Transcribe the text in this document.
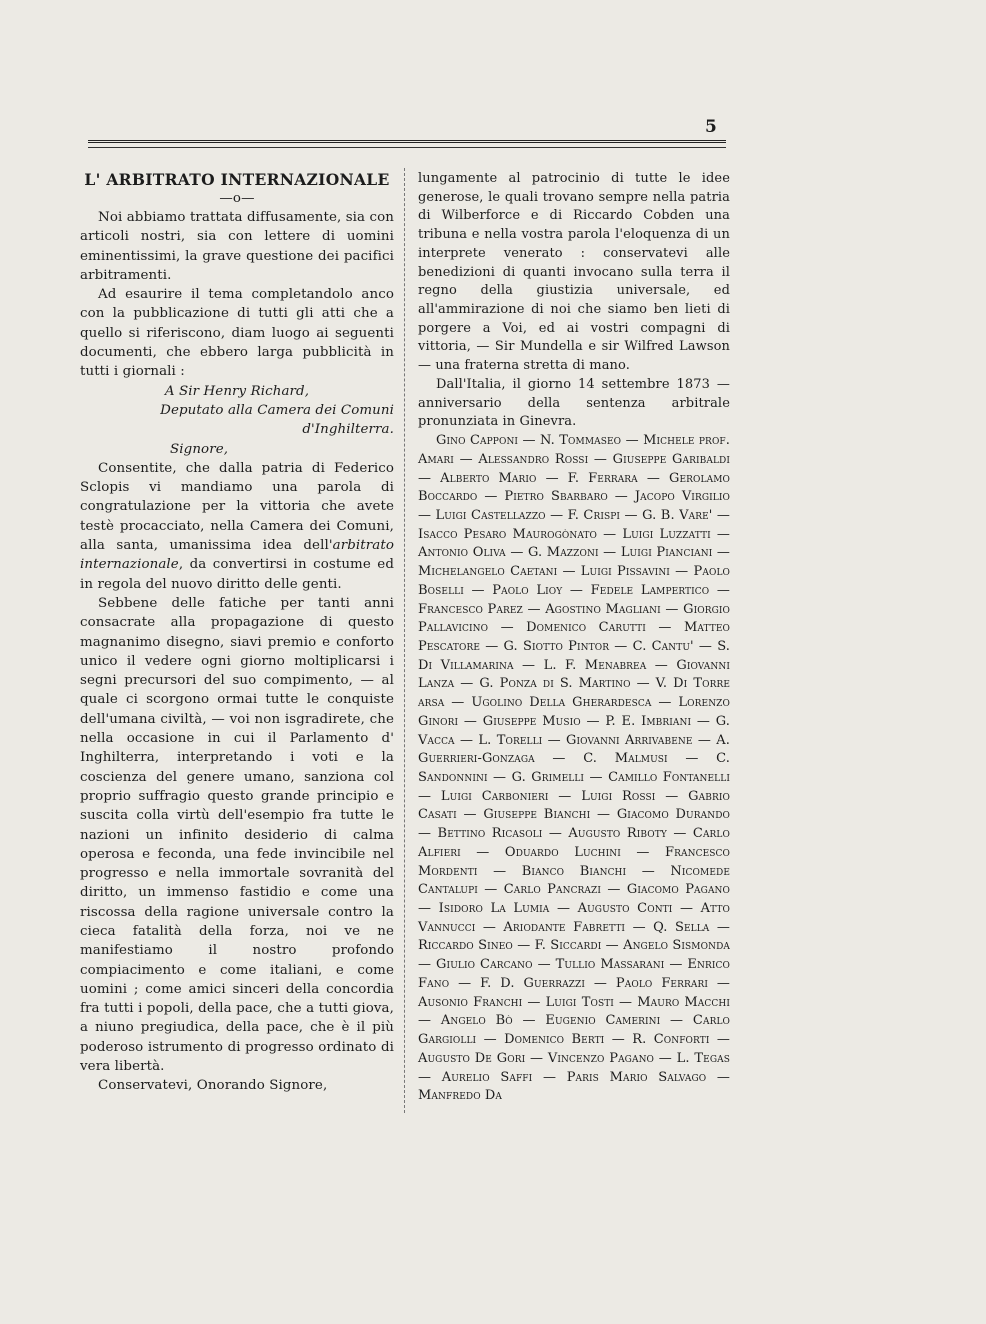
5
L' ARBITRATO INTERNAZIONALE
—o—

Noi abbiamo trattata diffusamente, sia con articoli nostri, sia con lettere di uomini eminentissimi, la grave questione dei pacifici arbitramenti.

Ad esaurire il tema completandolo anco con la pubblicazione di tutti gli atti che a quello si riferiscono, diam luogo ai seguenti documenti, che ebbero larga pubblicità in tutti i giornali :

A Sir Henry Richard,

Deputato alla Camera dei Comuni d'Inghilterra.

Signore,

Consentite, che dalla patria di Federico Sclopis vi mandiamo una parola di congratulazione per la vittoria che avete testè procacciato, nella Camera dei Comuni, alla santa, umanissima idea dell'arbitrato internazionale, da convertirsi in costume ed in regola del nuovo diritto delle genti.

Sebbene delle fatiche per tanti anni consacrate alla propagazione di questo magnanimo disegno, siavi premio e conforto unico il vedere ogni giorno moltiplicarsi i segni precursori del suo compimento, — al quale ci scorgono ormai tutte le conquiste dell'umana civiltà, — voi non isgradirete, che nella occasione in cui il Parlamento d' Inghilterra, interpretando i voti e la coscienza del genere umano, sanziona col proprio suffragio questo grande principio e suscita colla virtù dell'esempio fra tutte le nazioni un infinito desiderio di calma operosa e feconda, una fede invincibile nel progresso e nella immortale sovranità del diritto, un immenso fastidio e come una riscossa della ragione universale contro la cieca fatalità della forza, noi ve ne manifestiamo il nostro profondo compiacimento e come italiani, e come uomini ; come amici sinceri della concordia fra tutti i popoli, della pace, che a tutti giova, a niuno pregiudica, della pace, che è il più poderoso istrumento di progresso ordinato di vera libertà.

Conservatevi, Onorando Signore,

lungamente al patrocinio di tutte le idee generose, le quali trovano sempre nella patria di Wilberforce e di Riccardo Cobden una tribuna e nella vostra parola l'eloquenza di un interprete venerato : conservatevi alle benedizioni di quanti invocano sulla terra il regno della giustizia universale, ed all'ammirazione di noi che siamo ben lieti di porgere a Voi, ed ai vostri compagni di vittoria, — Sir Mundella e sir Wilfred Lawson — una fraterna stretta di mano.

Dall'Italia, il giorno 14 settembre 1873 — anniversario della sentenza arbitrale pronunziata in Ginevra.

Gino Capponi — N. Tommaseo — Michele prof. Amari — Alessandro Rossi — Giuseppe Garibaldi — Alberto Mario — F. Ferrara — Gerolamo Boccardo — Pietro Sbarbaro — Jacopo Virgilio — Luigi Castellazzo — F. Crispi — G. B. Vare' — Isacco Pesaro Maurogònato — Luigi Luzzatti — Antonio Oliva — G. Mazzoni — Luigi Pianciani — Michelangelo Caetani — Luigi Pissavini — Paolo Boselli — Paolo Lioy — Fedele Lampertico — Francesco Parez — Agostino Magliani — Giorgio Pallavicino — Domenico Carutti — Matteo Pescatore — G. Siotto Pintor — C. Cantu' — S. Di Villamarina — L. F. Menabrea — Giovanni Lanza — G. Ponza di S. Martino — V. Di Torre arsa — Ugolino Della Gherardesca — Lorenzo Ginori — Giuseppe Musio — P. E. Imbriani — G. Vacca — L. Torelli — Giovanni Arrivabene — A. Guerrieri-Gonzaga — C. Malmusi — C. Sandonnini — G. Grimelli — Camillo Fontanelli — Luigi Carbonieri — Luigi Rossi — Gabrio Casati — Giuseppe Bianchi — Giacomo Durando — Bettino Ricasoli — Augusto Riboty — Carlo Alfieri — Oduardo Luchini — Francesco Mordenti — Bianco Bianchi — Nicomede Cantalupi — Carlo Pancrazi — Giacomo Pagano — Isidoro La Lumia — Augusto Conti — Atto Vannucci — Ariodante Fabretti — Q. Sella — Riccardo Sineo — F. Siccardi — Angelo Sismonda — Giulio Carcano — Tullio Massarani — Enrico Fano — F. D. Guerrazzi — Paolo Ferrari — Ausonio Franchi — Luigi Tosti — Mauro Macchi — Angelo Bò — Eugenio Camerini — Carlo Gargiolli — Domenico Berti — R. Conforti — Augusto De Gori — Vincenzo Pagano — L. Tegas — Aurelio Saffi — Paris Mario Salvago — Manfredo Da
